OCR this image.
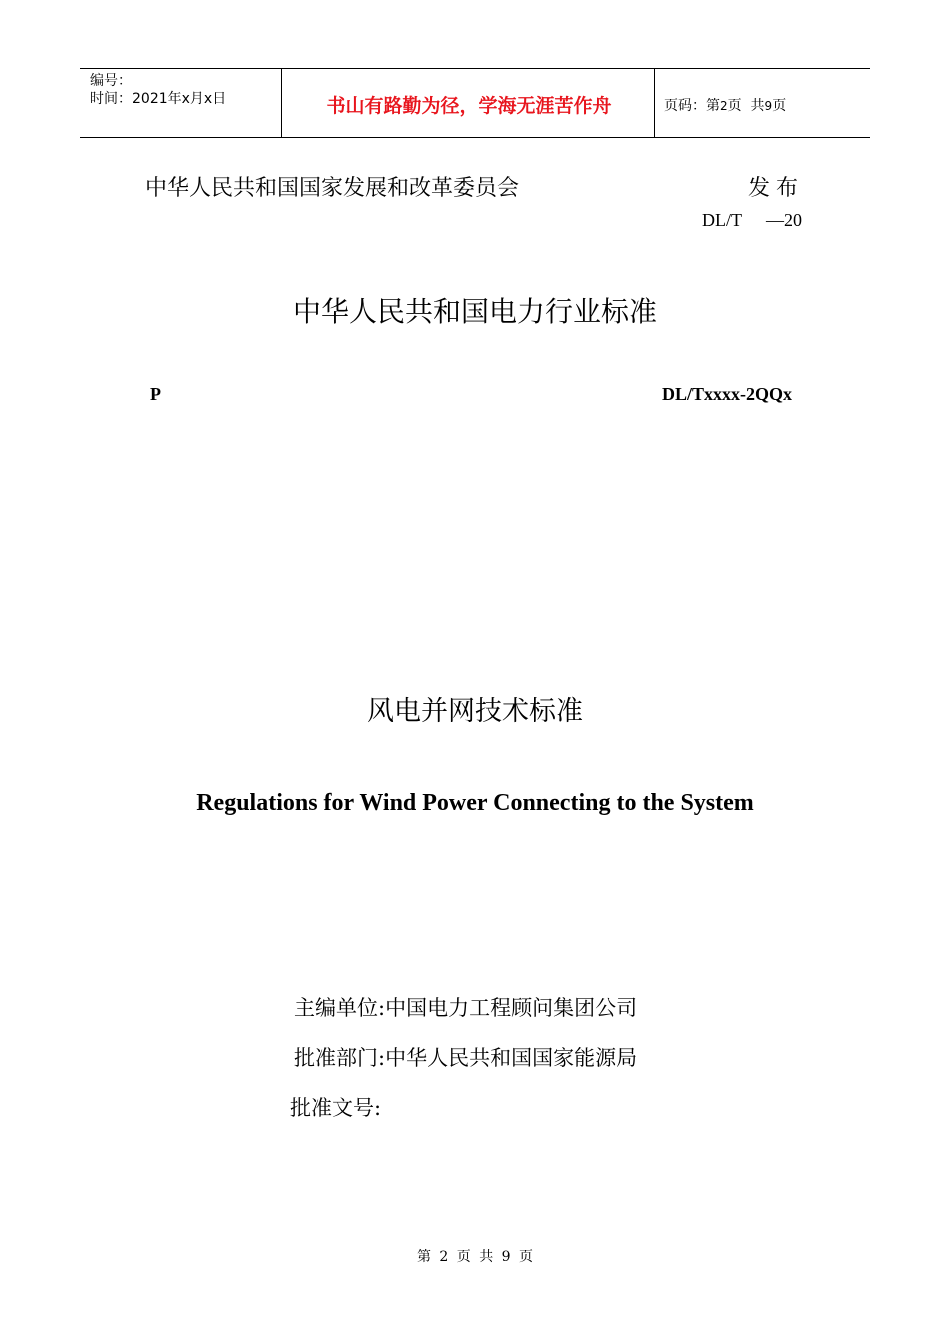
编号：
时间：2021年x月x日	书山有路勤为径，学海无涯苦作舟	页码：第2页  共9页
中华人民共和国国家发展和改革委员会	发布
DL/T —20
中华人民共和国电力行业标准
P	DL/Txxxx-2QQx
风电并网技术标准
Regulations for Wind Power Connecting to the System
主编单位:中国电力工程顾问集团公司
批准部门:中华人民共和国国家能源局
批准文号:
第 2 页 共 9 页
